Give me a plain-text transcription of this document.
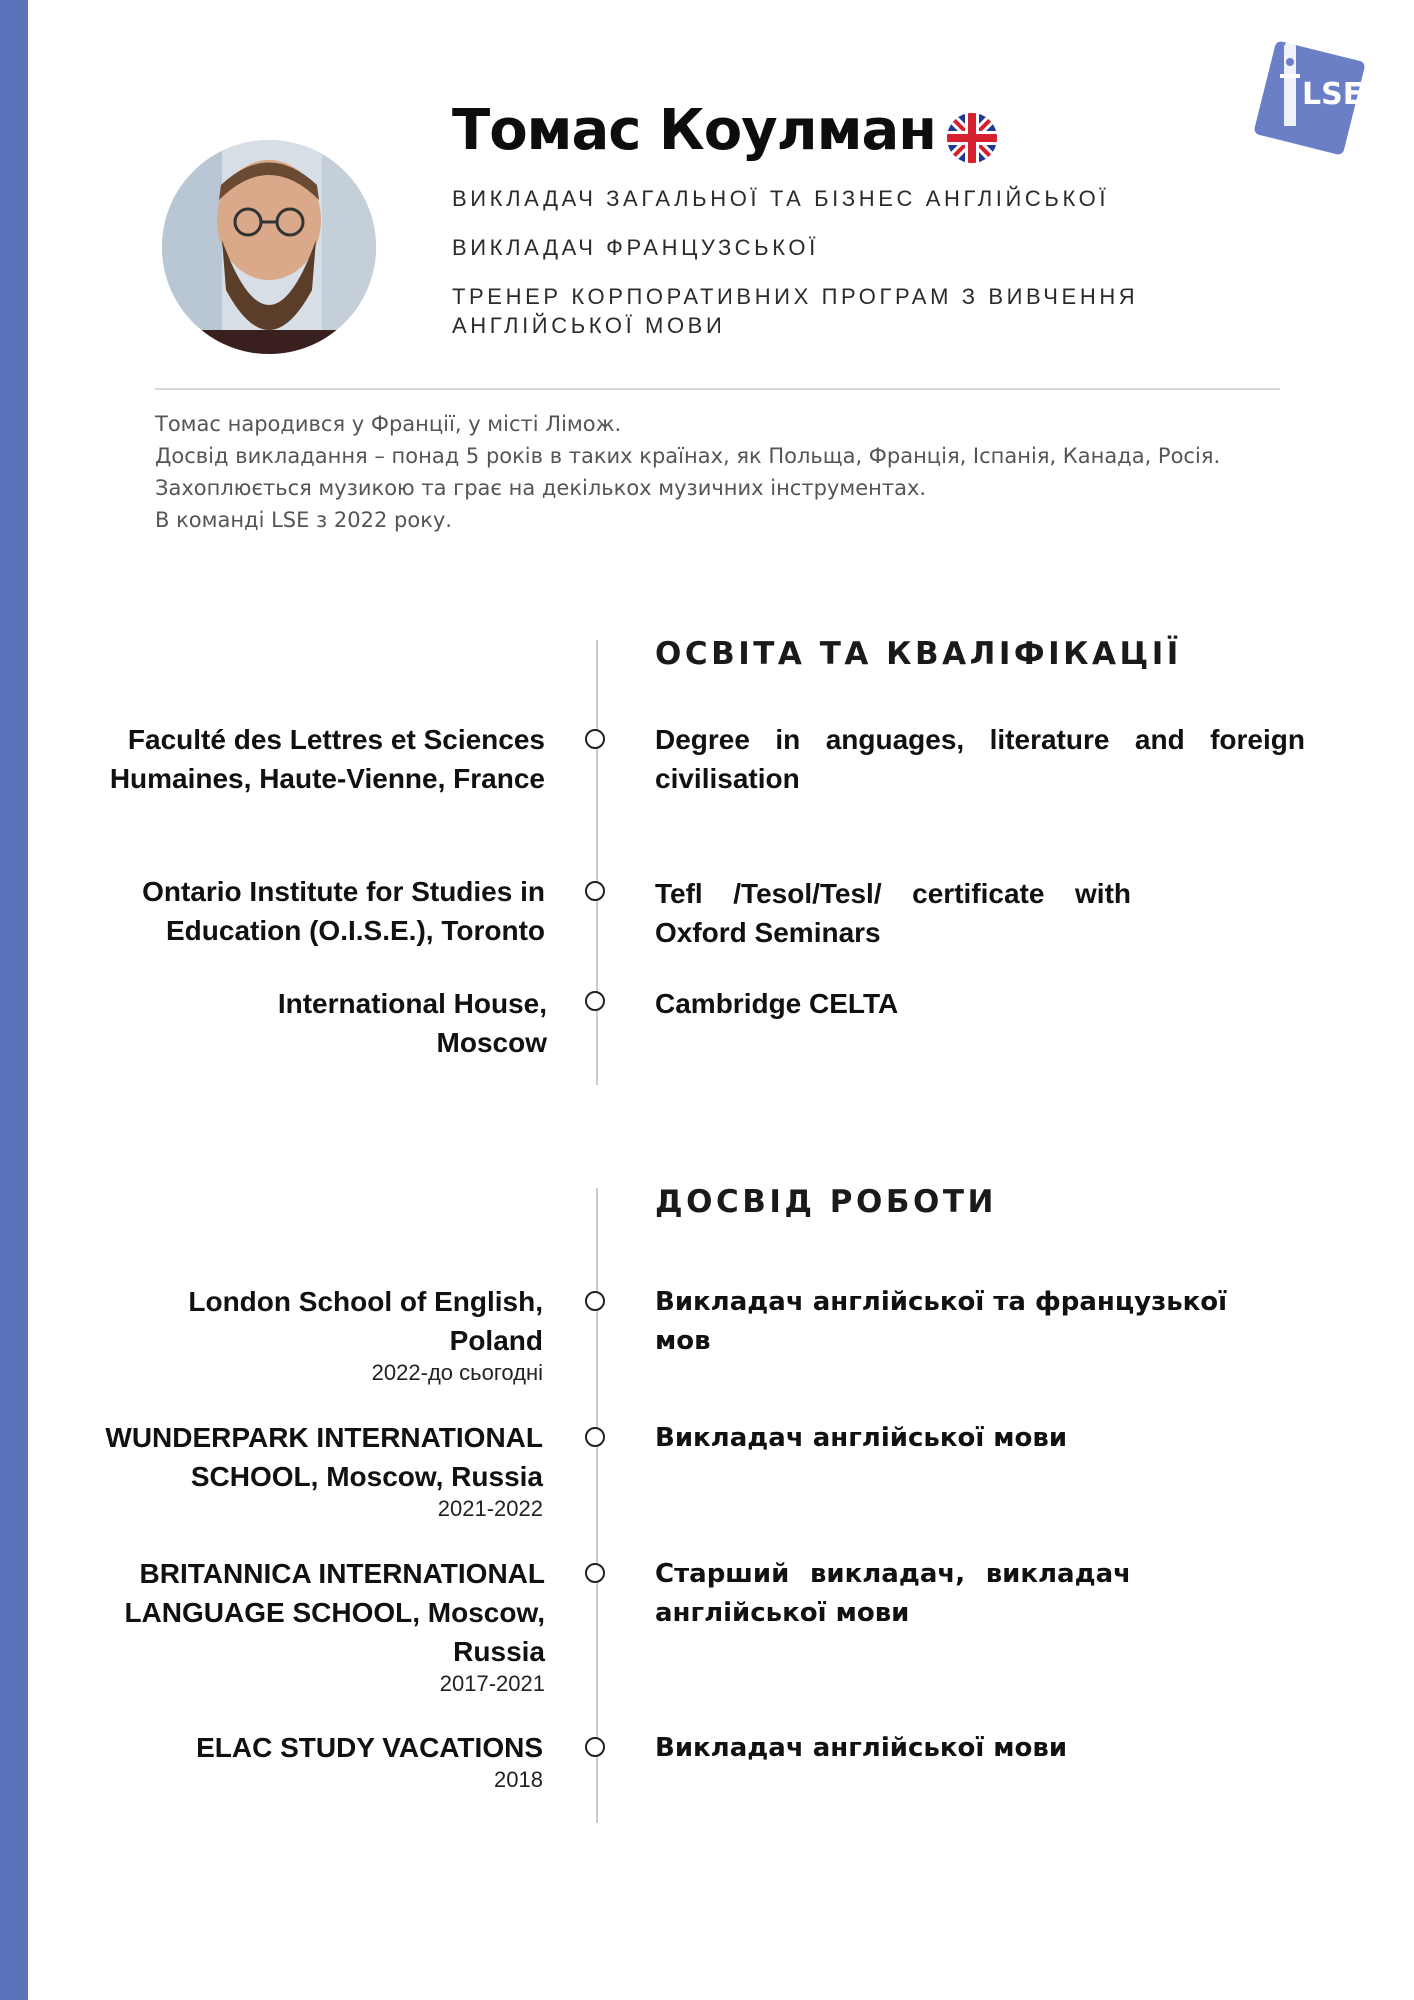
LSE
Томас Коулман
ВИКЛАДАЧ ЗАГАЛЬНОЇ ТА БІЗНЕС АНГЛІЙСЬКОЇ
ВИКЛАДАЧ ФРАНЦУЗСЬКОЇ
ТРЕНЕР КОРПОРАТИВНИХ ПРОГРАМ З ВИВЧЕННЯ АНГЛІЙСЬКОЇ МОВИ
Томас народився у Франції, у місті Лімож.
Досвід викладання – понад 5 років в таких країнах, як Польща, Франція, Іспанія, Канада, Росія.
Захоплюється музикою та грає на декількох музичних інструментах.
В команді LSE з 2022 року.
ОСВІТА ТА КВАЛІФІКАЦІЇ
Faculté des Lettres et Sciences Humaines, Haute-Vienne, France
Degree in anguages, literature and foreign civilisation
Ontario Institute for Studies in Education (O.I.S.E.), Toronto
Tefl /Tesol/Tesl/ certificate with Oxford Seminars
International House, Moscow
Cambridge CELTA
ДОСВІД РОБОТИ
London School of English, Poland
2022-до сьогодні
Викладач англійської та французької мов
WUNDERPARK INTERNATIONAL SCHOOL, Moscow, Russia
2021-2022
Викладач англійської мови
BRITANNICA INTERNATIONAL LANGUAGE SCHOOL, Moscow, Russia
2017-2021
Старший викладач, викладач англійської мови
ELAC STUDY VACATIONS
2018
Викладач англійської мови
